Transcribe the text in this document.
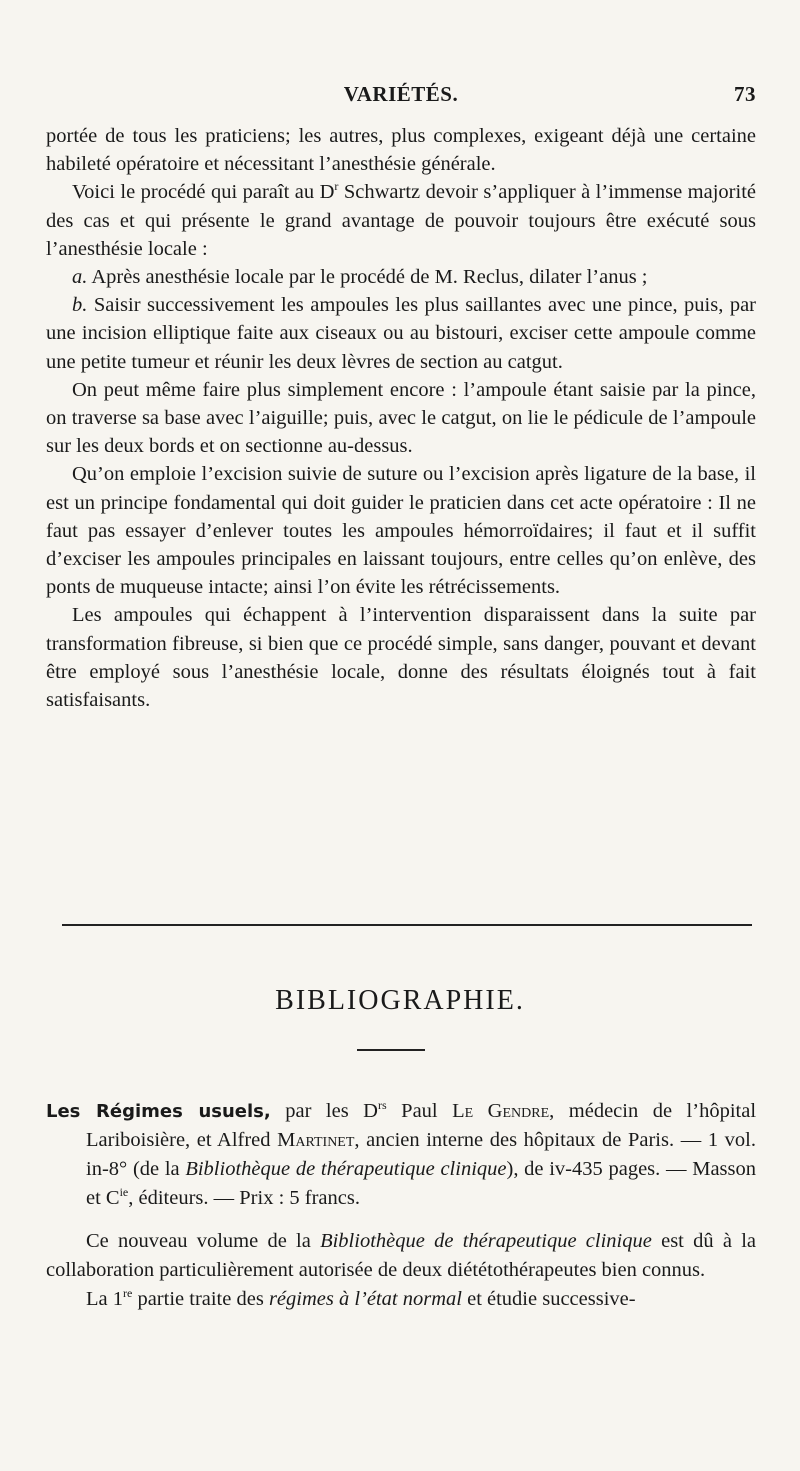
VARIÉTÉS.	73

portée de tous les praticiens; les autres, plus complexes, exigeant déjà une certaine habileté opératoire et nécessitant l’anesthésie générale.

Voici le procédé qui paraît au $D^r$ Schwartz devoir s’appliquer à l’immense majorité des cas et qui présente le grand avantage de pouvoir toujours être exécuté sous l’anesthésie locale :

a. Après anesthésie locale par le procédé de M. Reclus, dilater l’anus ;

b. Saisir successivement les ampoules les plus saillantes avec une pince, puis, par une incision elliptique faite aux ciseaux ou au bistouri, exciser cette ampoule comme une petite tumeur et réunir les deux lèvres de section au catgut.

On peut même faire plus simplement encore : l’ampoule étant saisie par la pince, on traverse sa base avec l’aiguille; puis, avec le catgut, on lie le pédicule de l’ampoule sur les deux bords et on sectionne au-dessus.

Qu’on emploie l’excision suivie de suture ou l’excision après ligature de la base, il est un principe fondamental qui doit guider le praticien dans cet acte opératoire : Il ne faut pas essayer d’enlever toutes les ampoules hémorroïdaires; il faut et il suffit d’exciser les ampoules principales en laissant toujours, entre celles qu’on enlève, des ponts de muqueuse intacte; ainsi l’on évite les rétrécissements.

Les ampoules qui échappent à l’intervention disparaissent dans la suite par transformation fibreuse, si bien que ce procédé simple, sans danger, pouvant et devant être employé sous l’anesthésie locale, donne des résultats éloignés tout à fait satisfaisants.

BIBLIOGRAPHIE.

Les Régimes usuels, par les $D^{rs}$ Paul Le Gendre, médecin de l’hôpital Lariboisière, et Alfred Martinet, ancien interne des hôpitaux de Paris. — 1 vol. in-8° (de la Bibliothèque de thérapeutique clinique), de iv-435 pages. — Masson et $C^{ie}$, éditeurs. — Prix : 5 francs.

Ce nouveau volume de la Bibliothèque de thérapeutique clinique est dû à la collaboration particulièrement autorisée de deux diététothérapeutes bien connus.

La 1re partie traite des régimes à l’état normal et étudie successive-
